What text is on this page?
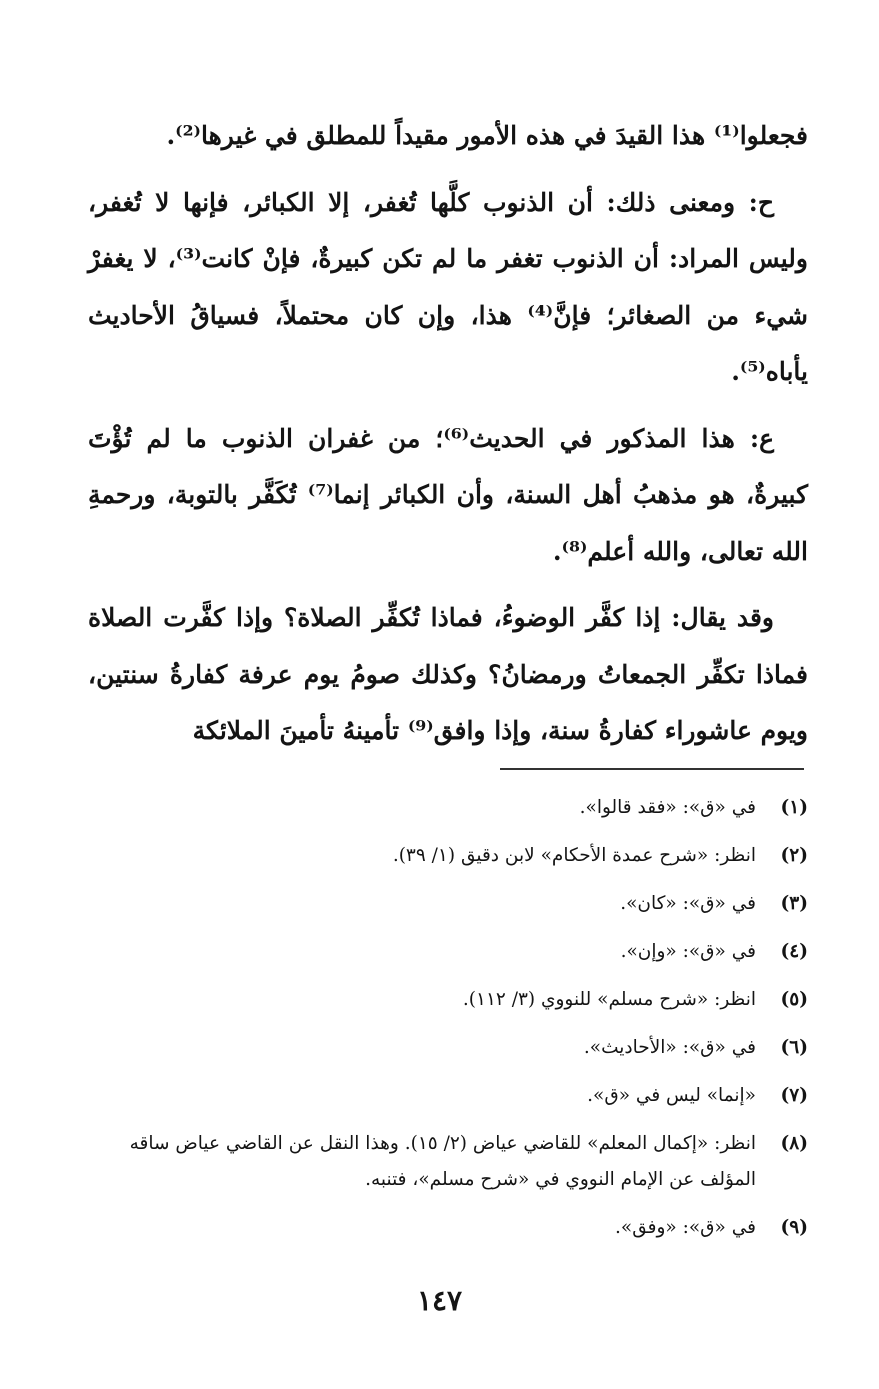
فجعلوا⁽¹⁾ هذا القيدَ في هذه الأمور مقيداً للمطلق في غيرها⁽²⁾.

ح: ومعنى ذلك: أن الذنوب كلَّها تُغفر، إلا الكبائر، فإنها لا تُغفر، وليس المراد: أن الذنوب تغفر ما لم تكن كبيرةٌ، فإنْ كانت⁽³⁾، لا يغفرْ شيء من الصغائر؛ فإنَّ⁽⁴⁾ هذا، وإن كان محتملاً، فسياقُ الأحاديث يأباه⁽⁵⁾.

ع: هذا المذكور في الحديث⁽⁶⁾؛ من غفران الذنوب ما لم تُؤْتَ كبيرةٌ، هو مذهبُ أهل السنة، وأن الكبائر إنما⁽⁷⁾ تُكَفَّر بالتوبة، ورحمةِ الله تعالى، والله أعلم⁽⁸⁾.

وقد يقال: إذا كفَّر الوضوءُ، فماذا تُكفِّر الصلاة؟ وإذا كفَّرت الصلاة فماذا تكفِّر الجمعاتُ ورمضانُ؟ وكذلك صومُ يوم عرفة كفارةُ سنتين، ويوم عاشوراء كفارةُ سنة، وإذا وافق⁽⁹⁾ تأمينهُ تأمينَ الملائكة

(١)
في «ق»: «فقد قالوا».
(٢)
انظر: «شرح عمدة الأحكام» لابن دقيق (١/ ٣٩).
(٣)
في «ق»: «كان».
(٤)
في «ق»: «وإن».
(٥)
انظر: «شرح مسلم» للنووي (٣/ ١١٢).
(٦)
في «ق»: «الأحاديث».
(٧)
«إنما» ليس في «ق».
(٨)
انظر: «إكمال المعلم» للقاضي عياض (٢/ ١٥). وهذا النقل عن القاضي عياض ساقه المؤلف عن الإمام النووي في «شرح مسلم»، فتنبه.
(٩)
في «ق»: «وفق».
١٤٧
